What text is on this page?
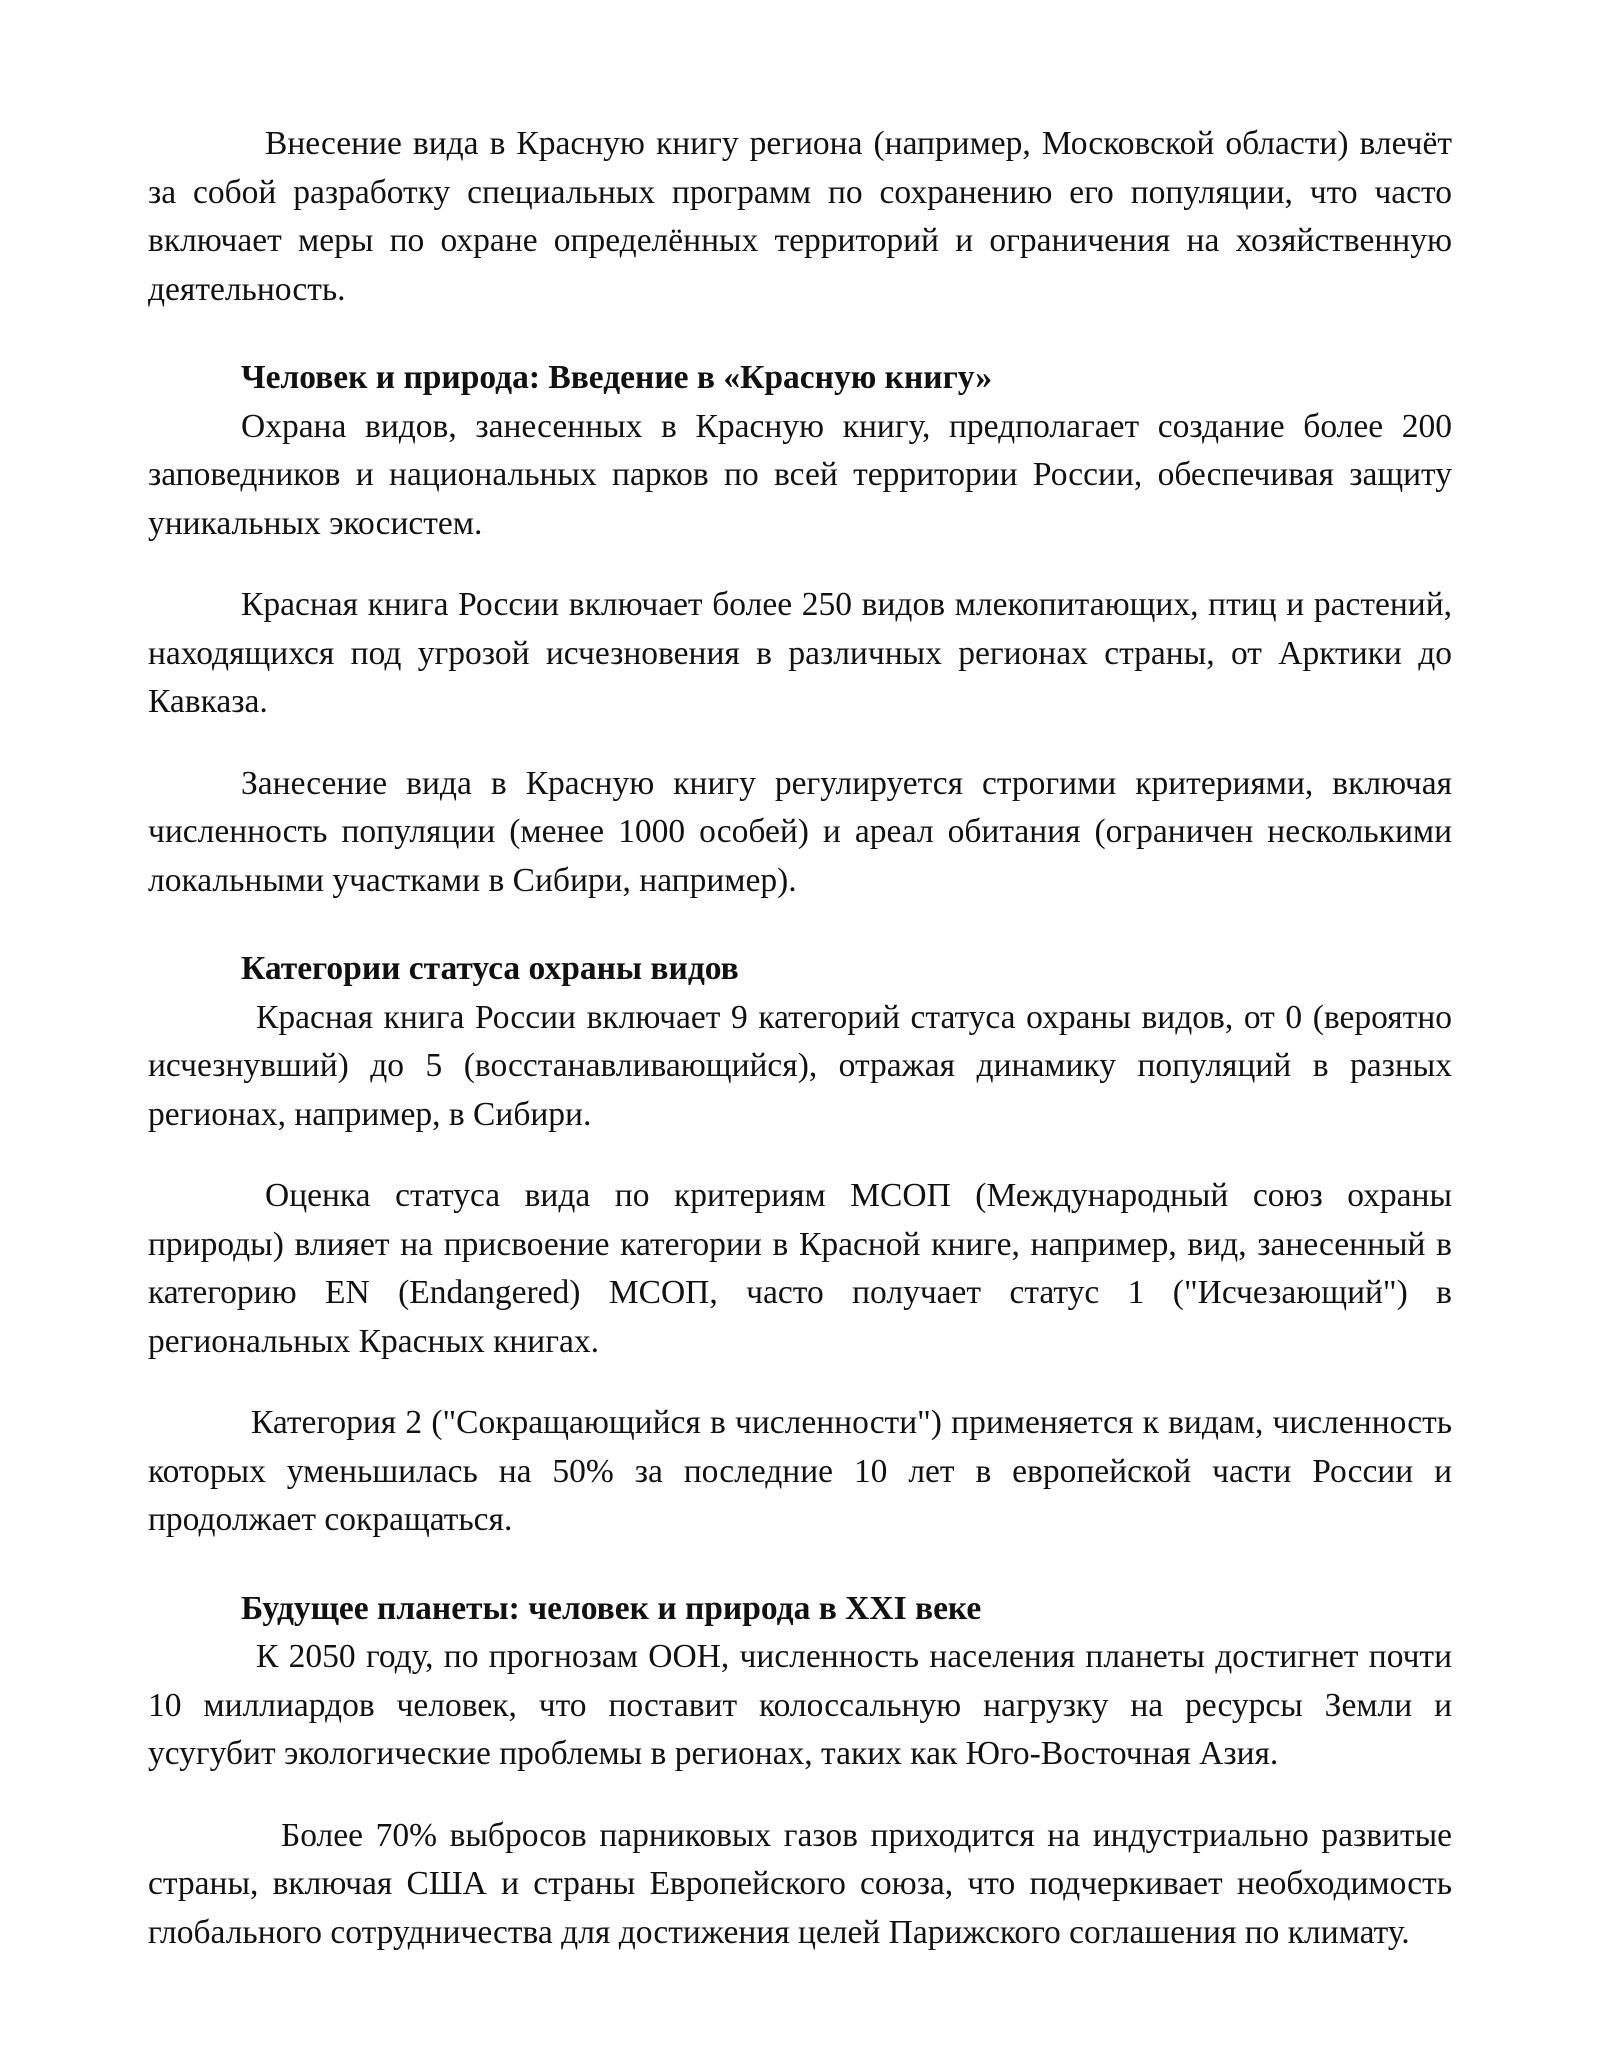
Внесение вида в Красную книгу региона (например, Московской области) влечёт за собой разработку специальных программ по сохранению его популяции, что часто включает меры по охране определённых территорий и ограничения на хозяйственную деятельность.

Человек и природа: Введение в «Красную книгу»

Охрана видов, занесенных в Красную книгу, предполагает создание более 200 заповедников и национальных парков по всей территории России, обеспечивая защиту уникальных экосистем.

Красная книга России включает более 250 видов млекопитающих, птиц и растений, находящихся под угрозой исчезновения в различных регионах страны, от Арктики до Кавказа.

Занесение вида в Красную книгу регулируется строгими критериями, включая численность популяции (менее 1000 особей) и ареал обитания (ограничен несколькими локальными участками в Сибири, например).

Категории статуса охраны видов

Красная книга России включает 9 категорий статуса охраны видов, от 0 (вероятно исчезнувший) до 5 (восстанавливающийся), отражая динамику популяций в разных регионах, например, в Сибири.

Оценка статуса вида по критериям МСОП (Международный союз охраны природы) влияет на присвоение категории в Красной книге, например, вид, занесенный в категорию EN (Endangered) МСОП, часто получает статус 1 ("Исчезающий") в региональных Красных книгах.

Категория 2 ("Сокращающийся в численности") применяется к видам, численность которых уменьшилась на 50% за последние 10 лет в европейской части России и продолжает сокращаться.

Будущее планеты: человек и природа в XXI веке

К 2050 году, по прогнозам ООН, численность населения планеты достигнет почти 10 миллиардов человек, что поставит колоссальную нагрузку на ресурсы Земли и усугубит экологические проблемы в регионах, таких как Юго-Восточная Азия.

Более 70% выбросов парниковых газов приходится на индустриально развитые страны, включая США и страны Европейского союза, что подчеркивает необходимость глобального сотрудничества для достижения целей Парижского соглашения по климату.
